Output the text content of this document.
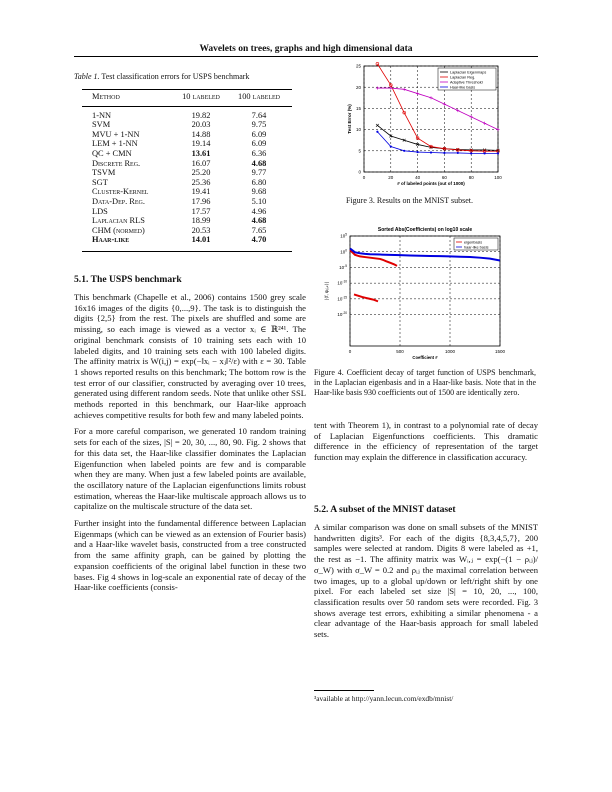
Wavelets on trees, graphs and high dimensional data
Table 1. Test classification errors for USPS benchmark
Method	10 labeled	100 labeled

1-NN	19.82	7.64
SVM	20.03	9.75
MVU + 1-NN	14.88	6.09
LEM + 1-NN	19.14	6.09
QC + CMN	13.61	6.36
Discrete Reg.	16.07	4.68
TSVM	25.20	9.77
SGT	25.36	6.80
Cluster-Kernel	19.41	9.68
Data-Dep. Reg.	17.96	5.10
LDS	17.57	4.96
Laplacian RLS	18.99	4.68
CHM (normed)	20.53	7.65
Haar-like	14.01	4.70
5.1. The USPS benchmark

This benchmark (Chapelle et al., 2006) contains 1500 grey scale 16x16 images of the digits {0,...,9}. The task is to distinguish the digits {2,5} from the rest. The pixels are shuffled and some are missing, so each image is viewed as a vector xᵢ ∈ ℝ²⁴¹. The original benchmark consists of 10 training sets each with 10 labeled digits, and 10 training sets each with 100 labeled digits. The affinity matrix is W(i,j) = exp(−‖xᵢ − xⱼ‖²/ε) with ε = 30. Table 1 shows reported results on this benchmark; The bottom row is the test error of our classifier, constructed by averaging over 10 trees, generated using different random seeds. Note that unlike other SSL methods reported in this benchmark, our Haar-like approach achieves competitive results for both few and many labeled points.

For a more careful comparison, we generated 10 random training sets for each of the sizes, |S| = 20, 30, ..., 80, 90. Fig. 2 shows that for this data set, the Haar-like classifier dominates the Laplacian Eigenfunction when labeled points are few and is comparable when they are many. When just a few labeled points are available, the oscillatory nature of the Laplacian eigenfunctions limits robust estimation, whereas the Haar-like multiscale approach allows us to capitalize on the multiscale structure of the data set.

Further insight into the fundamental difference between Laplacian Eigenmaps (which can be viewed as an extension of Fourier basis) and a Haar-like wavelet basis, constructed from a tree constructed from the same affinity graph, can be gained by plotting the expansion coefficients of the original label function in these two bases. Fig 4 shows in log-scale an exponential rate of decay of the Haar-like coefficients (consis-

0	20	40	60	80	100
0
5
10
15
20
25
# of labeled points (out of 1000)
Test Error (%)
Laplacian Eigenmaps
Laplacian Reg.
Adaptive Threshold
Haar-like basis
Figure 3. Results on the MNIST subset.
Sorted Abs(Coefficients) on log10 scale
0	500	1000	1500
$10^5$
$10^0$
$10^{-5}$
$10^{-10}$
$10^{-15}$
$10^{-20}$
Coefficient #
|⟨f, ψᵢⱼ,ₖ⟩|
eigenbasis
haar-like basis
Figure 4. Coefficient decay of target function of USPS benchmark, in the Laplacian eigenbasis and in a Haar-like basis. Note that in the Haar-like basis 930 coefficients out of 1500 are identically zero.

tent with Theorem 1), in contrast to a polynomial rate of decay of Laplacian Eigenfunctions coefficients. This dramatic difference in the efficiency of representation of the target function may explain the difference in classification accuracy.

5.2. A subset of the MNIST dataset

A similar comparison was done on small subsets of the MNIST handwritten digits³. For each of the digits {8,3,4,5,7}, 200 samples were selected at random. Digits 8 were labeled as +1, the rest as −1. The affinity matrix was Wᵢ,ⱼ = exp(−(1 − ρᵢⱼ)/σ_W) with σ_W = 0.2 and ρᵢⱼ the maximal correlation between two images, up to a global up/down or left/right shift by one pixel. For each labeled set size |S| = 10, 20, ..., 100, classification results over 50 random sets were recorded. Fig. 3 shows average test errors, exhibiting a similar phenomena - a clear advantage of the Haar-basis approach for small labeled sets.

³available at http://yann.lecun.com/exdb/mnist/
